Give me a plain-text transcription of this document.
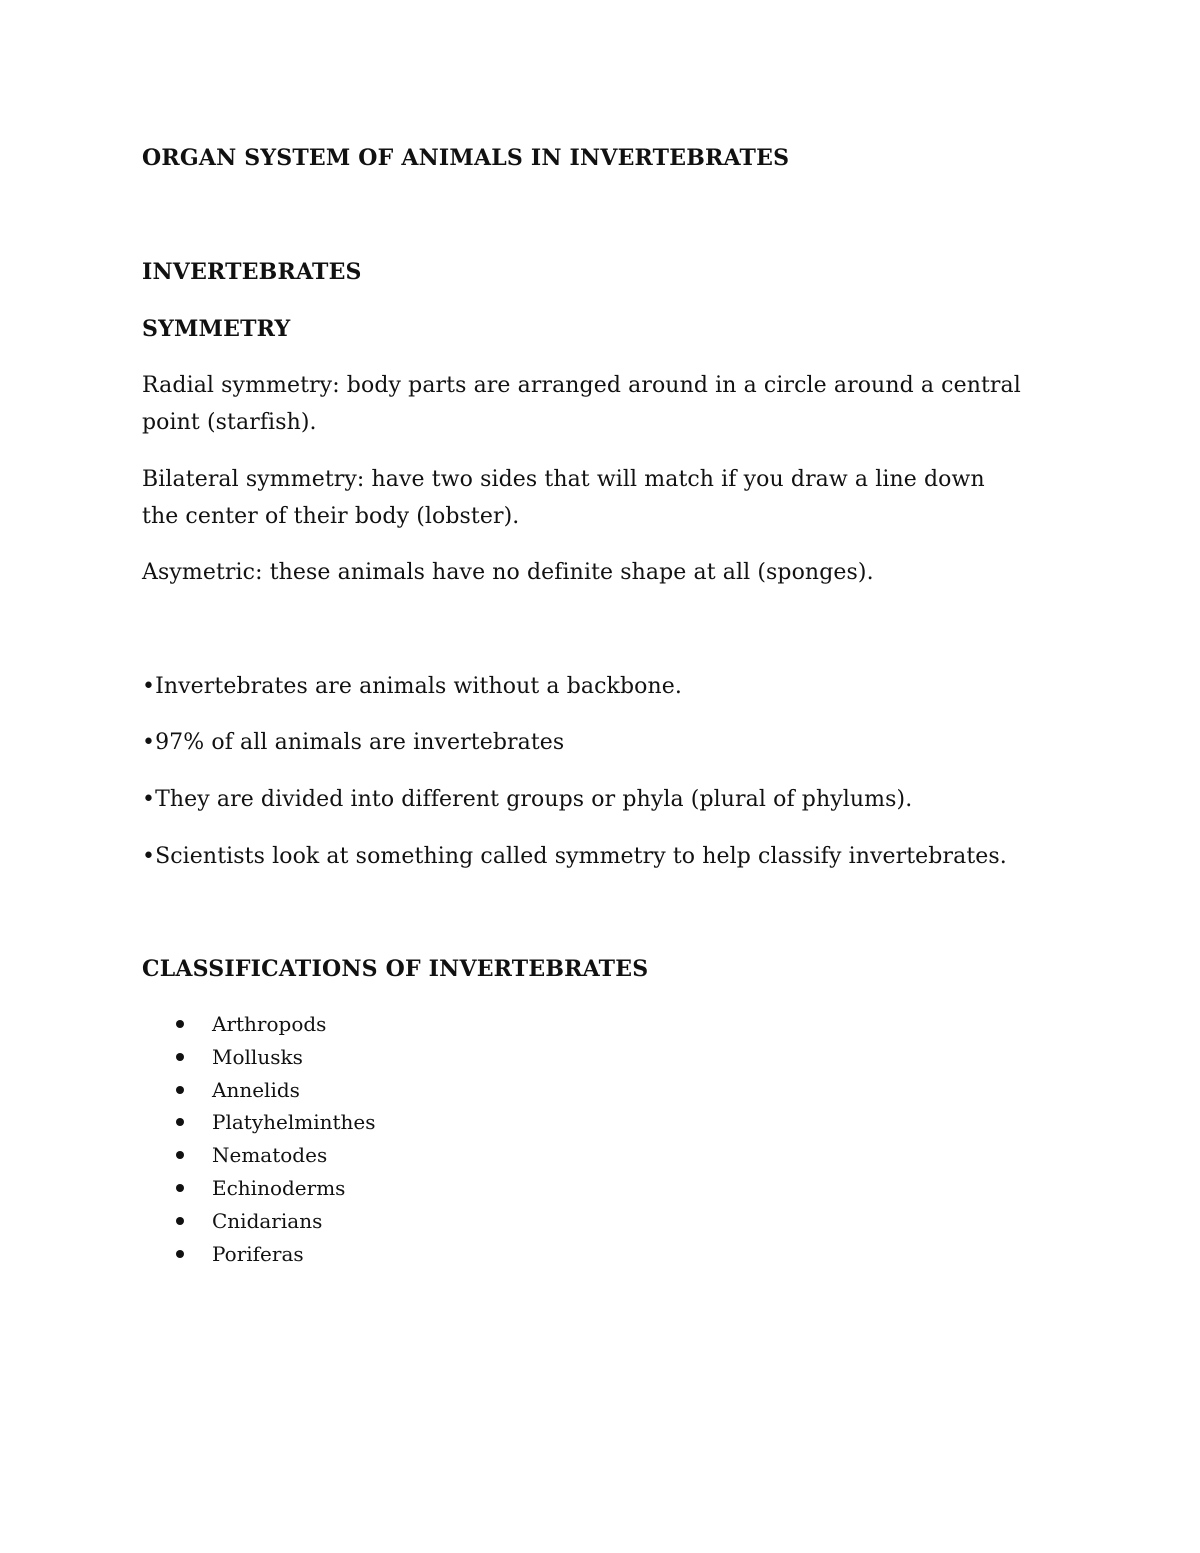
ORGAN SYSTEM OF ANIMALS IN INVERTEBRATES

INVERTEBRATES

SYMMETRY

Radial symmetry: body parts are arranged around in a circle around a central

point (starfish).

Bilateral symmetry: have two sides that will match if you draw a line down

the center of their body (lobster).

Asymetric: these animals have no definite shape at all (sponges).

•Invertebrates are animals without a backbone.

•97% of all animals are invertebrates

•They are divided into different groups or phyla (plural of phylums).

•Scientists look at something called symmetry to help classify invertebrates.

CLASSIFICATIONS OF INVERTEBRATES

Arthropods
Mollusks
Annelids
Platyhelminthes
Nematodes
Echinoderms
Cnidarians
Poriferas
